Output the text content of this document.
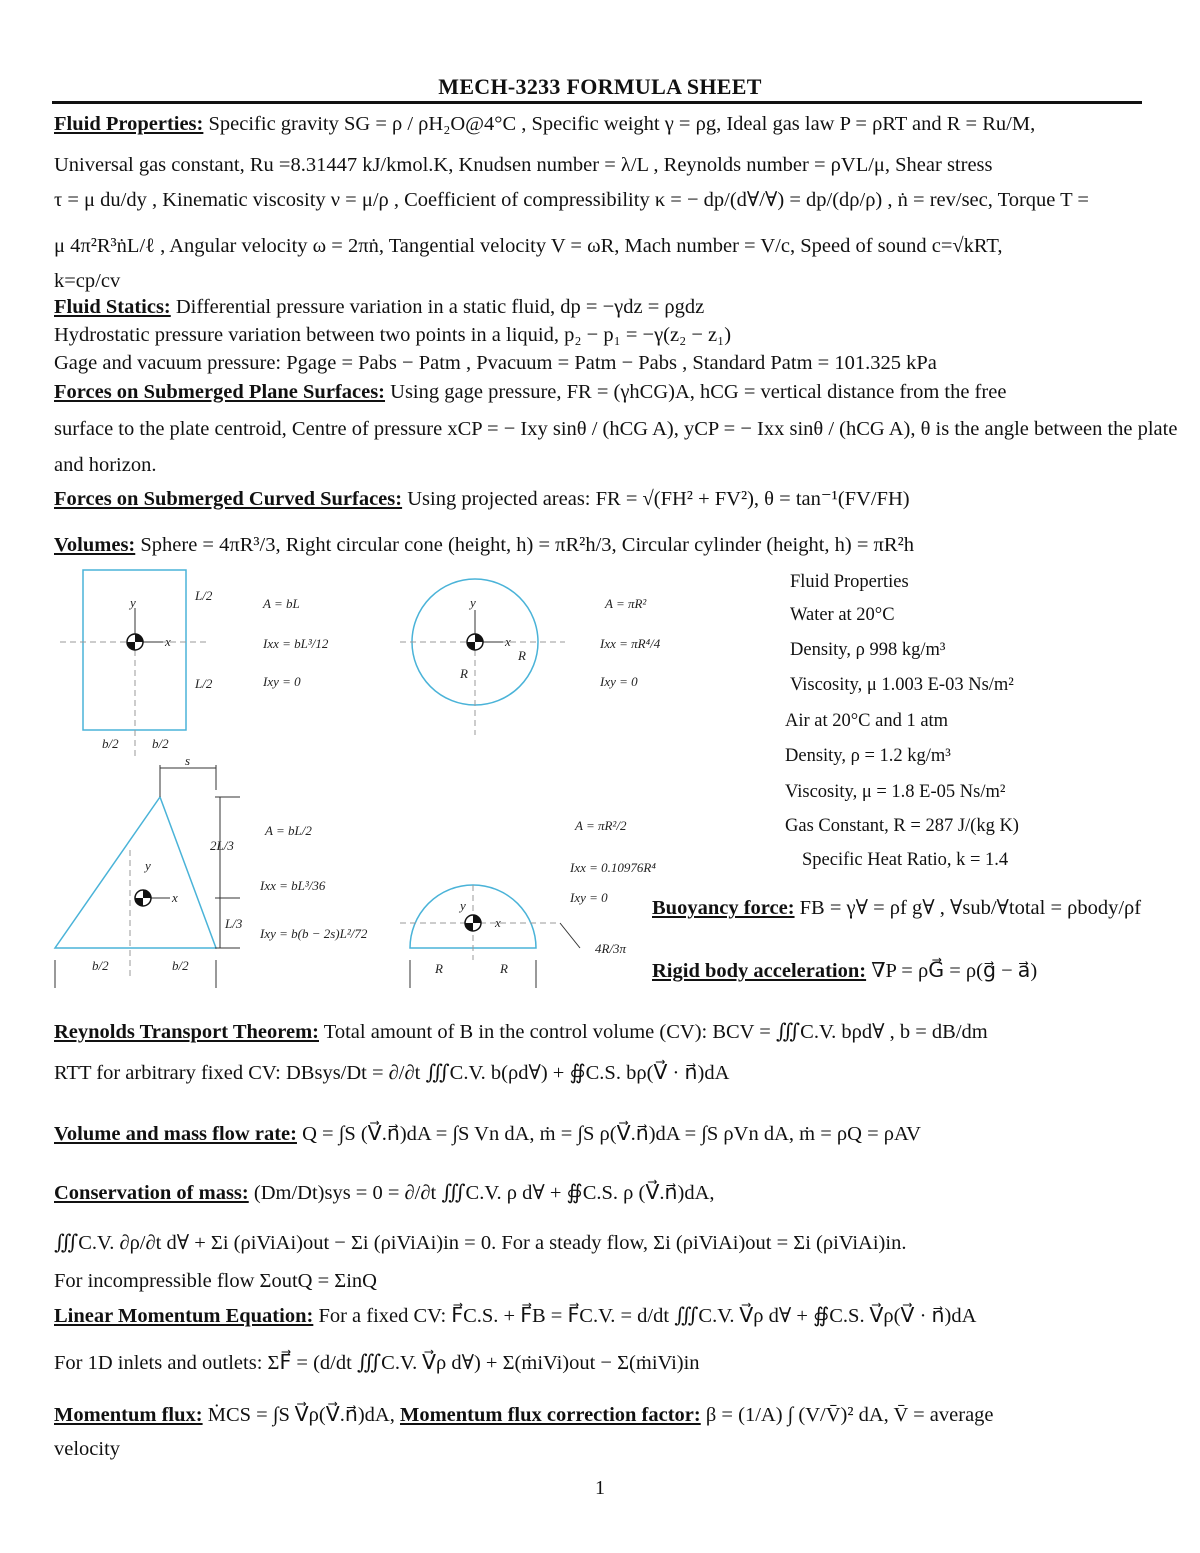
MECH-3233 FORMULA SHEET
Fluid Properties: Specific gravity SG = ρ / ρH₂O@4°C , Specific weight γ = ρg, Ideal gas law P = ρRT and R = Ru/M,
Universal gas constant, Ru =8.31447 kJ/kmol.K, Knudsen number = λ/L , Reynolds number = ρVL/μ, Shear stress
τ = μ du/dy , Kinematic viscosity ν = μ/ρ , Coefficient of compressibility κ = − dp/(d∀/∀) = dp/(dρ/ρ) , ṅ = rev/sec, Torque T =
μ 4π²R³ṅL/ℓ , Angular velocity ω = 2πṅ, Tangential velocity V = ωR, Mach number = V/c, Speed of sound c=√kRT,
k=cp/cv
Fluid Statics: Differential pressure variation in a static fluid, dp = −γdz = ρgdz
Hydrostatic pressure variation between two points in a liquid, p₂ − p₁ = −γ(z₂ − z₁)
Gage and vacuum pressure: Pgage = Pabs − Patm , Pvacuum = Patm − Pabs , Standard Patm = 101.325 kPa
Forces on Submerged Plane Surfaces: Using gage pressure, FR = (γhCG)A, hCG = vertical distance from the free
surface to the plate centroid, Centre of pressure xCP = − Ixy sinθ / (hCG A), yCP = − Ixx sinθ / (hCG A), θ is the angle between the plate
and horizon.
Forces on Submerged Curved Surfaces: Using projected areas: FR = √(FH² + FV²), θ = tan⁻¹(FV/FH)
Volumes: Sphere = 4πR³/3, Right circular cone (height, h) = πR²h/3, Circular cylinder (height, h) = πR²h
y
x
y
x
y
x
y
x
L/2
L/2
b/2	b/2
A = bL
Ixx = bL³/12
Ixy = 0
R
R
A = πR²
Ixx = πR⁴/4
Ixy = 0
s
2L/3
L/3
b/2	b/2
A = bL/2
Ixx = bL³/36
Ixy = b(b − 2s)L²/72
R	R
4R/3π
A = πR²/2
Ixx = 0.10976R⁴
Ixy = 0
Fluid Properties
Water at 20°C
Density, ρ 998 kg/m³
Viscosity, μ 1.003 E-03 Ns/m²
Air at 20°C and 1 atm
Density, ρ = 1.2 kg/m³
Viscosity, μ = 1.8 E-05 Ns/m²
Gas Constant, R = 287 J/(kg K)
Specific Heat Ratio, k = 1.4
Buoyancy force: FB = γ∀ = ρf g∀ , ∀sub/∀total = ρbody/ρf
Rigid body acceleration: ∇P = ρG⃗ = ρ(g⃗ − a⃗)
Reynolds Transport Theorem: Total amount of B in the control volume (CV): BCV = ∭C.V. bρd∀ , b = dB/dm
RTT for arbitrary fixed CV: DBsys/Dt = ∂/∂t ∭C.V. b(ρd∀) + ∯C.S. bρ(V⃗ · n⃗)dA
Volume and mass flow rate: Q = ∫S (V⃗.n⃗)dA = ∫S Vn dA, ṁ = ∫S ρ(V⃗.n⃗)dA = ∫S ρVn dA, ṁ = ρQ = ρAV
Conservation of mass: (Dm/Dt)sys = 0 = ∂/∂t ∭C.V. ρ d∀ + ∯C.S. ρ (V⃗.n⃗)dA,
∭C.V. ∂ρ/∂t d∀ + Σi (ρiViAi)out − Σi (ρiViAi)in = 0. For a steady flow, Σi (ρiViAi)out = Σi (ρiViAi)in.
For incompressible flow ΣoutQ = ΣinQ
Linear Momentum Equation: For a fixed CV: F⃗C.S. + F⃗B = F⃗C.V. = d/dt ∭C.V. V⃗ρ d∀ + ∯C.S. V⃗ρ(V⃗ · n⃗)dA
For 1D inlets and outlets: ΣF⃗ = (d/dt ∭C.V. V⃗ρ d∀) + Σ(ṁiVi)out − Σ(ṁiVi)in
Momentum flux: ṀCS = ∫S V⃗ρ(V⃗.n⃗)dA, Momentum flux correction factor: β = (1/A) ∫ (V/V̄)² dA, V̄ = average
velocity
1
